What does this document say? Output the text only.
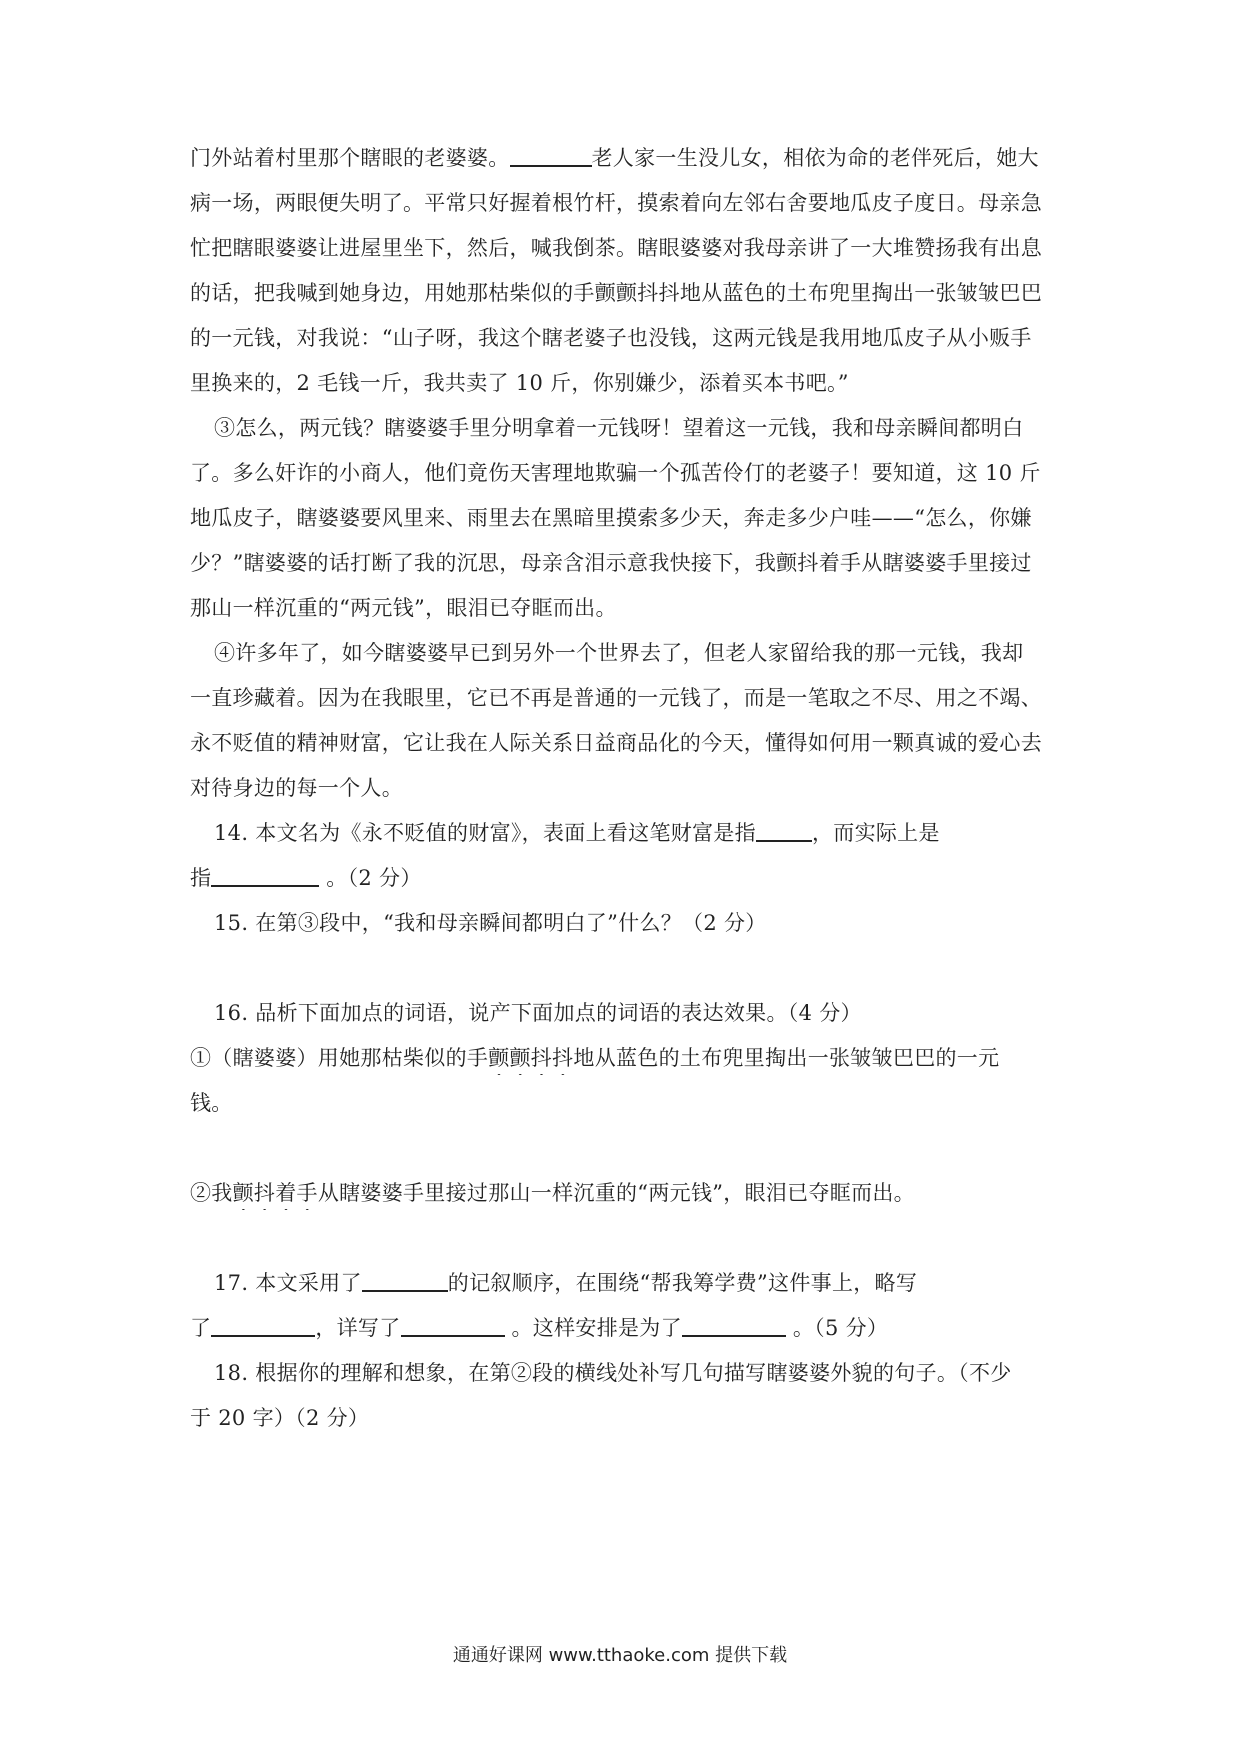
门外站着村里那个瞎眼的老婆婆。	老人家一生没儿女，相依为命的老伴死后，她大
病一场，两眼便失明了。平常只好握着根竹杆，摸索着向左邻右舍要地瓜皮子度日。母亲急
忙把瞎眼婆婆让进屋里坐下，然后，喊我倒茶。瞎眼婆婆对我母亲讲了一大堆赞扬我有出息
的话，把我喊到她身边，用她那枯柴似的手颤颤抖抖地从蓝色的土布兜里掏出一张皱皱巴巴
的一元钱，对我说：“山子呀，我这个瞎老婆子也没钱，这两元钱是我用地瓜皮子从小贩手
里换来的，2 毛钱一斤，我共卖了 10 斤，你别嫌少，添着买本书吧。”
③怎么，两元钱？瞎婆婆手里分明拿着一元钱呀！望着这一元钱，我和母亲瞬间都明白
了。多么奸诈的小商人，他们竟伤天害理地欺骗一个孤苦伶仃的老婆子！要知道，这 10 斤
地瓜皮子，瞎婆婆要风里来、雨里去在黑暗里摸索多少天，奔走多少户哇——“怎么，你嫌
少？”瞎婆婆的话打断了我的沉思，母亲含泪示意我快接下，我颤抖着手从瞎婆婆手里接过
那山一样沉重的“两元钱”，眼泪已夺眶而出。
④许多年了，如今瞎婆婆早已到另外一个世界去了，但老人家留给我的那一元钱，我却
一直珍藏着。因为在我眼里，它已不再是普通的一元钱了，而是一笔取之不尽、用之不竭、
永不贬值的精神财富，它让我在人际关系日益商品化的今天，懂得如何用一颗真诚的爱心去
对待身边的每一个人。
14. 本文名为《永不贬值的财富》，表面上看这笔财富是指	，而实际上是
指	。（2 分）
15. 在第③段中，“我和母亲瞬间都明白了”什么？（2 分）
16. 品析下面加点的词语，说产下面加点的词语的表达效果。（4 分）
①（瞎婆婆）用她那枯柴似的手颤颤抖抖地从蓝色的土布兜里掏出一张皱皱巴巴的一元
钱。
②我颤抖着手从瞎婆婆手里接过那山一样沉重的“两元钱”，眼泪已夺眶而出。
17. 本文采用了	的记叙顺序，在围绕“帮我筹学费”这件事上，略写
了	，详写了	。这样安排是为了	。（5 分）
18. 根据你的理解和想象，在第②段的横线处补写几句描写瞎婆婆外貌的句子。（不少
于 20 字）（2 分）
通通好课网 www.tthaoke.com 提供下载
